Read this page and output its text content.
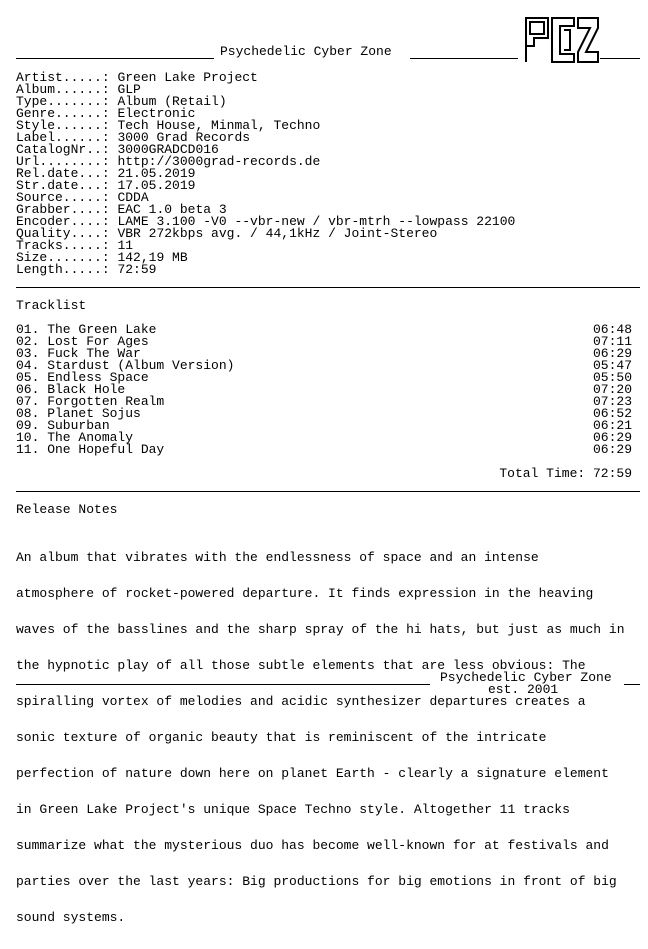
Psychedelic Cyber Zone
Artist.....: Green Lake Project
Album......: GLP
Type.......: Album (Retail)
Genre......: Electronic
Style......: Tech House, Minmal, Techno
Label......: 3000 Grad Records
CatalogNr..: 3000GRADCD016
Url........: http://3000grad-records.de
Rel.date...: 21.05.2019
Str.date...: 17.05.2019
Source.....: CDDA
Grabber....: EAC 1.0 beta 3
Encoder....: LAME 3.100 -V0 --vbr-new / vbr-mtrh --lowpass 22100
Quality....: VBR 272kbps avg. / 44,1kHz / Joint-Stereo
Tracks.....: 11
Size.......: 142,19 MB
Length.....: 72:59
Tracklist
01. The Green Lake	06:48
02. Lost For Ages	07:11
03. Fuck The War	06:29
04. Stardust (Album Version)	05:47
05. Endless Space	05:50
06. Black Hole	07:20
07. Forgotten Realm	07:23
08. Planet Sojus	06:52
09. Suburban	06:21
10. The Anomaly	06:29
11. One Hopeful Day	06:29
Total Time: 72:59
Release Notes

An album that vibrates with the endlessness of space and an intense

atmosphere of rocket-powered departure. It finds expression in the heaving

waves of the basslines and the sharp spray of the hi hats, but just as much in

the hypnotic play of all those subtle elements that are less obvious: The

spiralling vortex of melodies and acidic synthesizer departures creates a

sonic texture of organic beauty that is reminiscent of the intricate

perfection of nature down here on planet Earth - clearly a signature element

in Green Lake Project's unique Space Techno style. Altogether 11 tracks

summarize what the mysterious duo has become well-known for at festivals and

parties over the last years: Big productions for big emotions in front of big

sound systems.

Psychedelic Cyber Zone
est. 2001
